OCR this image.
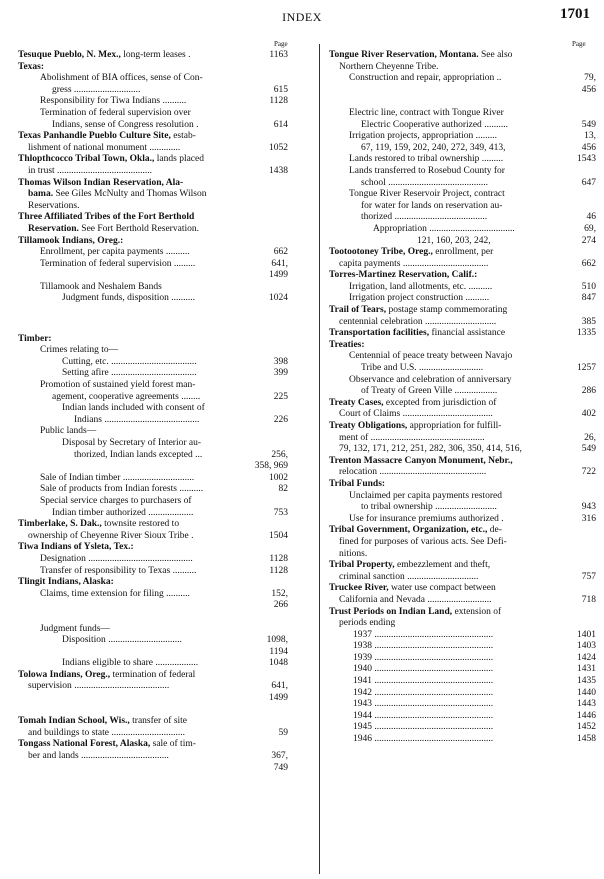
INDEX	1701
Page	Page
Tesuque Pueblo, N. Mex., long-term leases .	1163
Texas:
Abolishment of BIA offices, sense of Con-
gress ............................	615
Responsibility for Tiwa Indians ..........	1128
Termination of federal supervision over
Indians, sense of Congress resolution .	614
Texas Panhandle Pueblo Culture Site, estab-
lishment of national monument .............	1052
Thlopthcocco Tribal Town, Okla., lands placed
in trust ........................................	1438
Thomas Wilson Indian Reservation, Ala-
bama. See Giles McNulty and Thomas Wilson
Reservations.
Three Affiliated Tribes of the Fort Berthold
Reservation. See Fort Berthold Reservation.
Tillamook Indians, Oreg.:
Enrollment, per capita payments ..........	662
Termination of federal supervision .........	641,
1499
Tillamook and Neshalem Bands
Judgment funds, disposition ..........	1024
Timber:
Crimes relating to—
Cutting, etc. ....................................	398
Setting afire ....................................	399
Promotion of sustained yield forest man-
agement, cooperative agreements ........	225
Indian lands included with consent of
Indians ........................................	226
Public lands—
Disposal by Secretary of Interior au-
thorized, Indian lands excepted ...	256,
358, 969
Sale of Indian timber ..............................	1002
Sale of products from Indian forests ..........	82
Special service charges to purchasers of
Indian timber authorized ...................	753
Timberlake, S. Dak., townsite restored to
ownership of Cheyenne River Sioux Tribe .	1504
Tiwa Indians of Ysleta, Tex.:
Designation ............................................	1128
Transfer of responsibility to Texas ..........	1128
Tlingit Indians, Alaska:
Claims, time extension for filing ..........	152,
266
Judgment funds—
Disposition ...............................	1098,
1194
Indians eligible to share ..................	1048
Tolowa Indians, Oreg., termination of federal
supervision ........................................	641,
1499
Tomah Indian School, Wis., transfer of site
and buildings to state ...............................	59
Tongass National Forest, Alaska, sale of tim-
ber and lands .....................................	367,
749
Tongue River Reservation, Montana. See also
Northern Cheyenne Tribe.
Construction and repair, appropriation ..	79,
456
Electric line, contract with Tongue River
Electric Cooperative authorized ..........	549
Irrigation projects, appropriation .........	13,
67, 119, 159, 202, 240, 272, 349, 413,	456
Lands restored to tribal ownership .........	1543
Lands transferred to Rosebud County for
school ..........................................	647
Tongue River Reservoir Project, contract
for water for lands on reservation au-
thorized .......................................	46
Appropriation ....................................	69,
121, 160, 203, 242,	274
Tootootoney Tribe, Oreg., enrollment, per
capita payments ....................................	662
Torres-Martinez Reservation, Calif.:
Irrigation, land allotments, etc. ..........	510
Irrigation project construction ..........	847
Trail of Tears, postage stamp commemorating
centennial celebration ..............................	385
Transportation facilities, financial assistance	1335
Treaties:
Centennial of peace treaty between Navajo
Tribe and U.S. ...........................	1257
Observance and celebration of anniversary
of Treaty of Green Ville ..................	286
Treaty Cases, excepted from jurisdiction of
Court of Claims ......................................	402
Treaty Obligations, appropriation for fulfill-
ment of ................................................	26,
79, 132, 171, 212, 251, 282, 306, 350, 414, 516,	549
Trenton Massacre Canyon Monument, Nebr.,
relocation .............................................	722
Tribal Funds:
Unclaimed per capita payments restored
to tribal ownership ..........................	943
Use for insurance premiums authorized .	316
Tribal Government, Organization, etc., de-
fined for purposes of various acts. See Defi-
nitions.
Tribal Property, embezzlement and theft,
criminal sanction ..............................	757
Truckee River, water use compact between
California and Nevada ...........................	718
Trust Periods on Indian Land, extension of
periods ending
1937 ..................................................	1401
1938 ..................................................	1403
1939 ..................................................	1424
1940 ..................................................	1431
1941 ..................................................	1435
1942 ..................................................	1440
1943 ..................................................	1443
1944 ..................................................	1446
1945 ..................................................	1452
1946 ..................................................	1458
